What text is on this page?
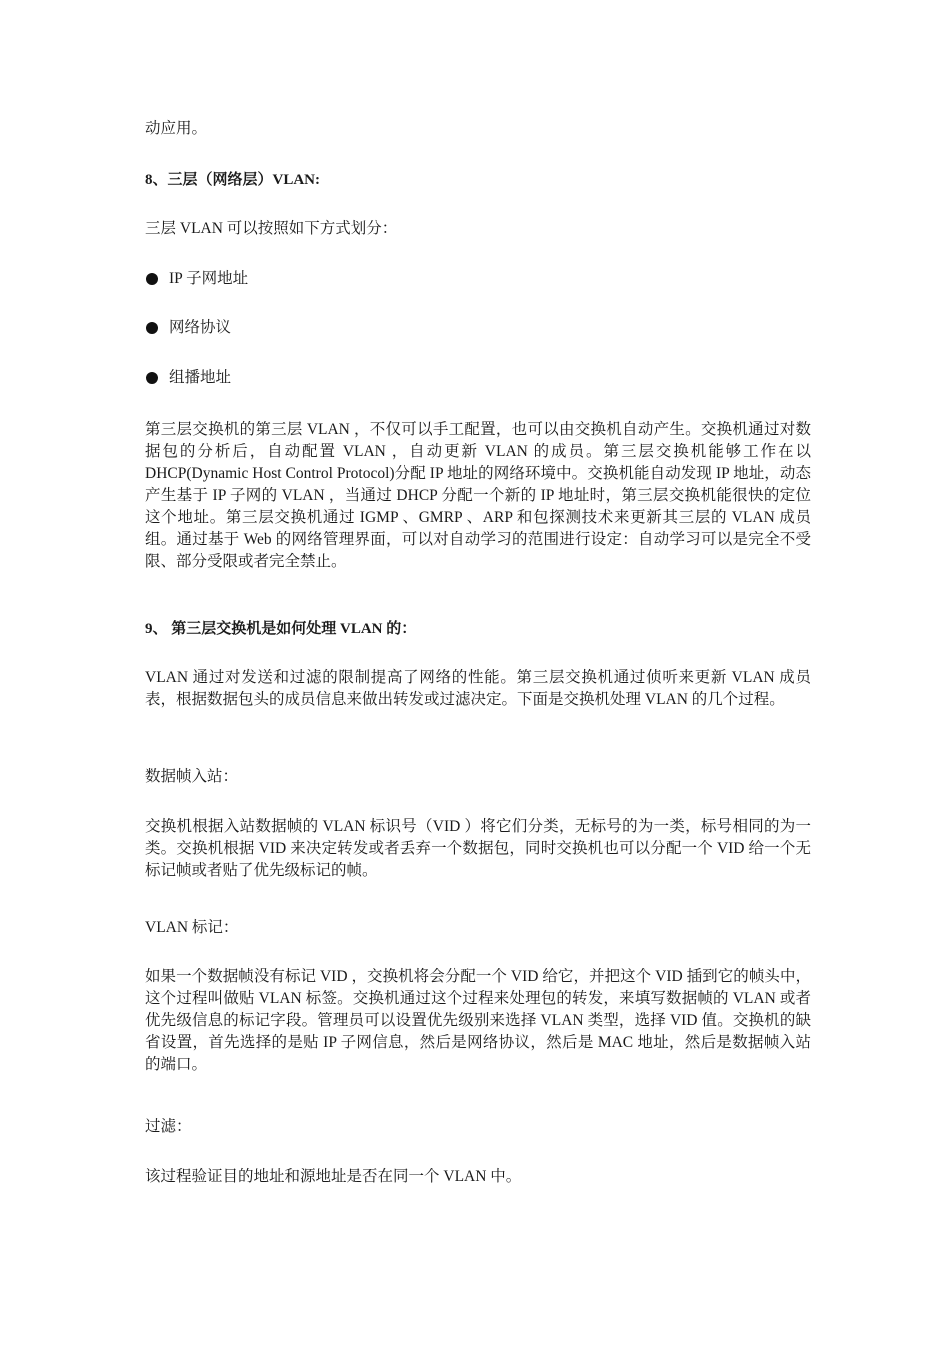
动应用。

8、三层（网络层）VLAN:

三层 VLAN 可以按照如下方式划分：

IP 子网地址
网络协议
组播地址

第三层交换机的第三层 VLAN ，不仅可以手工配置，也可以由交换机自动产生。交换机通过对数据包的分析后，自动配置 VLAN ，自动更新 VLAN 的成员。第三层交换机能够工作在以 DHCP(Dynamic Host Control Protocol)分配 IP 地址的网络环境中。交换机能自动发现 IP 地址，动态产生基于 IP 子网的 VLAN ，当通过 DHCP 分配一个新的 IP 地址时，第三层交换机能很快的定位这个地址。第三层交换机通过 IGMP 、GMRP 、ARP 和包探测技术来更新其三层的 VLAN 成员组。通过基于 Web 的网络管理界面，可以对自动学习的范围进行设定：自动学习可以是完全不受限、部分受限或者完全禁止。

9、 第三层交换机是如何处理 VLAN 的：

VLAN 通过对发送和过滤的限制提高了网络的性能。第三层交换机通过侦听来更新 VLAN 成员表，根据数据包头的成员信息来做出转发或过滤决定。下面是交换机处理 VLAN 的几个过程。

数据帧入站：

交换机根据入站数据帧的 VLAN 标识号（VID ）将它们分类，无标号的为一类，标号相同的为一类。交换机根据 VID 来决定转发或者丢弃一个数据包，同时交换机也可以分配一个 VID 给一个无标记帧或者贴了优先级标记的帧。

VLAN 标记：

如果一个数据帧没有标记 VID ，交换机将会分配一个 VID 给它，并把这个 VID 插到它的帧头中，这个过程叫做贴 VLAN 标签。交换机通过这个过程来处理包的转发，来填写数据帧的 VLAN 或者优先级信息的标记字段。管理员可以设置优先级别来选择 VLAN 类型，选择 VID 值。交换机的缺省设置，首先选择的是贴 IP 子网信息，然后是网络协议，然后是 MAC 地址，然后是数据帧入站的端口。

过滤：

该过程验证目的地址和源地址是否在同一个 VLAN 中。
